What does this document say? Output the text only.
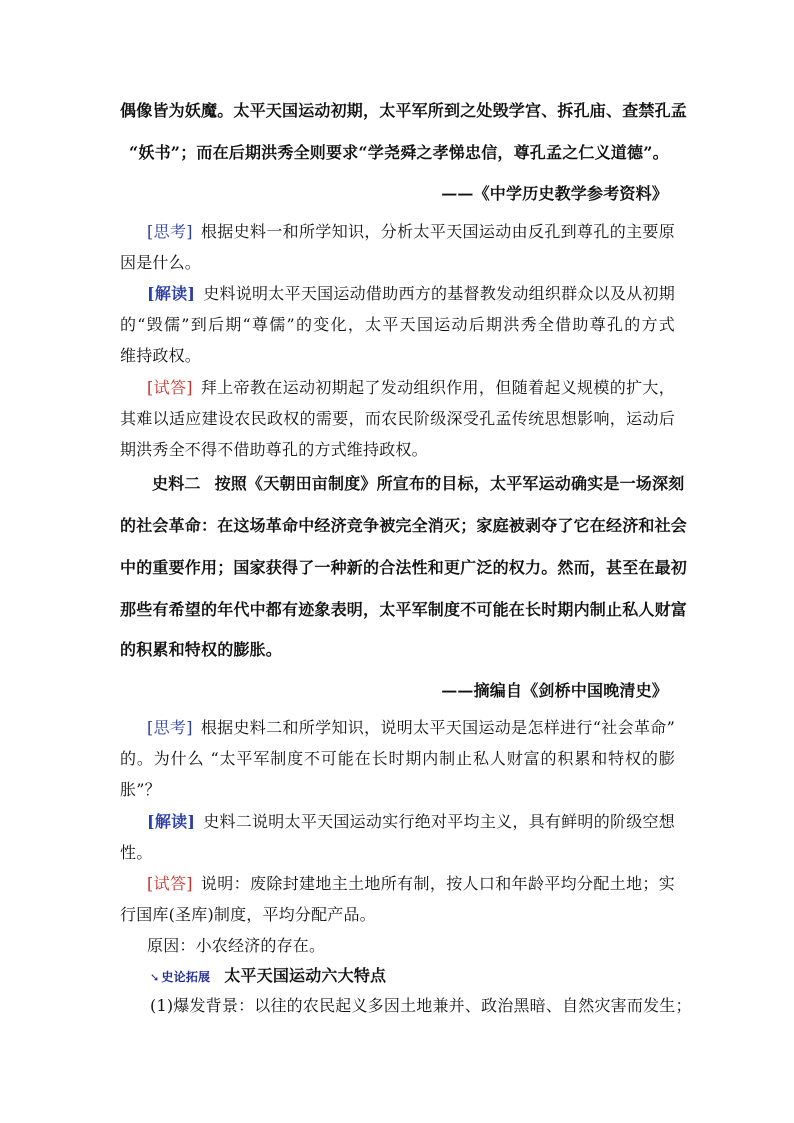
偶像皆为妖魔。太平天国运动初期，太平军所到之处毁学宫、拆孔庙、查禁孔孟
“妖书”；而在后期洪秀全则要求“学尧舜之孝悌忠信，尊孔孟之仁义道德”。
——《中学历史教学参考资料》
[思考] 根据史料一和所学知识，分析太平天国运动由反孔到尊孔的主要原
因是什么。
[解读] 史料说明太平天国运动借助西方的基督教发动组织群众以及从初期
的“毁儒”到后期“尊儒”的变化，太平天国运动后期洪秀全借助尊孔的方式
维持政权。
[试答] 拜上帝教在运动初期起了发动组织作用，但随着起义规模的扩大，
其难以适应建设农民政权的需要，而农民阶级深受孔孟传统思想影响，运动后
期洪秀全不得不借助尊孔的方式维持政权。
史料二 按照《天朝田亩制度》所宣布的目标，太平军运动确实是一场深刻
的社会革命：在这场革命中经济竞争被完全消灭；家庭被剥夺了它在经济和社会
中的重要作用；国家获得了一种新的合法性和更广泛的权力。然而，甚至在最初
那些有希望的年代中都有迹象表明，太平军制度不可能在长时期内制止私人财富
的积累和特权的膨胀。
——摘编自《剑桥中国晚清史》
[思考] 根据史料二和所学知识，说明太平天国运动是怎样进行“社会革命”
的。为什么 “太平军制度不可能在长时期内制止私人财富的积累和特权的膨
胀”？
[解读] 史料二说明太平天国运动实行绝对平均主义，具有鲜明的阶级空想
性。
[试答] 说明：废除封建地主土地所有制，按人口和年龄平均分配土地；实
行国库(圣库)制度，平均分配产品。
原因：小农经济的存在。
➘ 史论拓展 太平天国运动六大特点
(1)爆发背景：以往的农民起义多因土地兼并、政治黑暗、自然灾害而发生；
